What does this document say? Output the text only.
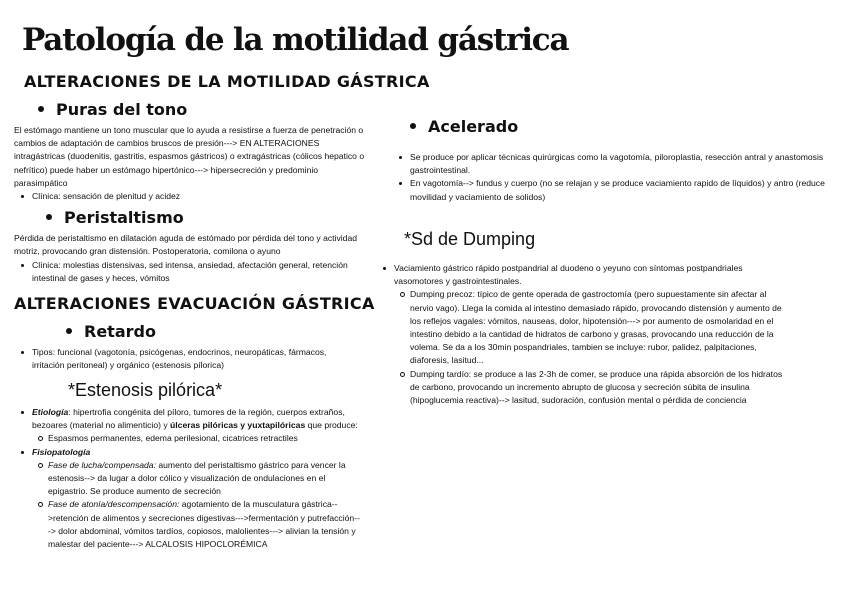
Patología de la motilidad gástrica
ALTERACIONES DE LA MOTILIDAD GÁSTRICA
Puras del tono
El estómago mantiene un tono muscular que lo ayuda a resistirse a fuerza de penetración o cambios de adaptación de cambios bruscos de presión---> EN ALTERACIONES intragástricas (duodenitis, gastritis, espasmos gástricos) o extragástricas (cólicos hepatico o nefrítico) puede haber un estómago hipertónico---> hipersecreción y predominio parasimpático
Clínica: sensación de plenitud y acidez
Peristaltismo
Pérdida de peristaltismo en dilatación aguda de estómado por pérdida del tono y actividad motriz, provocando gran distensión. Postoperatoria, comilona o ayuno
Clínica: molestias distensivas, sed intensa, ansiedad, afectación general, retención intestinal de gases y heces, vómitos
ALTERACIONES EVACUACIÓN GÁSTRICA
Retardo
Tipos: funcional (vagotonía, psicógenas, endocrinos, neuropáticas, fármacos, irritación peritoneal) y orgánico (estenosis pílorica)
*Estenosis pilórica*
Etiología: hipertrofia congénita del píloro, tumores de la región, cuerpos extraños, bezoares (material no alimenticio) y úlceras pilóricas y yuxtapilóricas que produce:
Espasmos permanentes, edema perilesional, cicatrices retractiles
Fisiopatología
Fase de lucha/compensada: aumento del peristaltismo gástrico para vencer la estenosis--> da lugar a dolor cólico y visualización de ondulaciones en el epigastrio. Se produce aumento de secreción
Fase de atonía/descompensación: agotamiento de la musculatura gástrica-->retención de alimentos y secreciones digestivas--->fermentación y putrefacción---> dolor abdominal, vómitos tardíos, copiosos, malolientes---> alivian la tensión y malestar del paciente---> ALCALOSIS HIPOCLORÉMICA
Acelerado
Se produce por aplicar técnicas quirúrgicas como la vagotomía, piloroplastia, resección antral y anastomosis gastrointestinal.
En vagotomía--> fundus y cuerpo (no se relajan y se produce vaciamiento rapido de líquidos) y antro (reduce movilidad y vaciamiento de solidos)
*Sd de Dumping
Vaciamiento gástrico rápido postpandrial al duodeno o yeyuno con síntomas postpandriales vasomotores y gastrointestinales.
Dumping precoz: típico de gente operada de gastroctomía (pero supuestamente sin afectar al nervio vago). Llega la comida al intestino demasiado rápido, provocando distensión y aumento de los reflejos vagales: vómitos, nauseas, dolor, hipotensión---> por aumento de osmolaridad en el intestino debido a la cantidad de hidratos de carbono y grasas, provocando una reducción de la volema. Se da a los 30min pospandriales, tambien se incluye: rubor, palidez, palpitaciones, diaforesis, lasitud...
Dumping tardío: se produce a las 2-3h de comer, se produce una rápida absorción de los hidratos de carbono, provocando un incremento abrupto de glucosa y secreción súbita de insulina (hipoglucemia reactiva)--> lasitud, sudoración, confusión mental o pérdida de conciencia
